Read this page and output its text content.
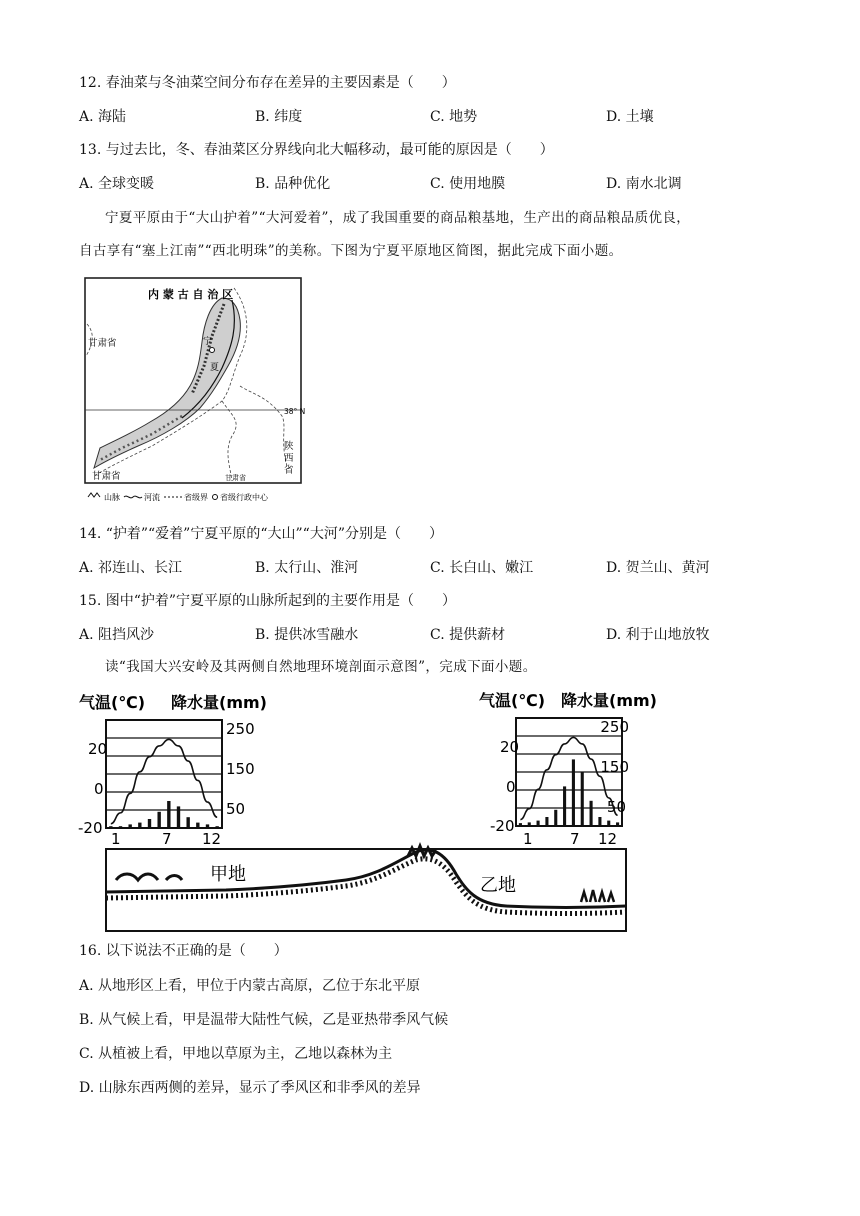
12. 春油菜与冬油菜空间分布存在差异的主要因素是（　　）
A. 海陆	B. 纬度	C. 地势	D. 土壤
13. 与过去比，冬、春油菜区分界线向北大幅移动，最可能的原因是（　　）
A. 全球变暖	B. 品种优化	C. 使用地膜	D. 南水北调
宁夏平原由于“大山护着”“大河爱着”，成了我国重要的商品粮基地，生产出的商品粮品质优良，
自古享有“塞上江南”“西北明珠”的美称。下图为宁夏平原地区简图，据此完成下面小题。
内 蒙 古 自 治 区
甘肃省
甘肃省	甘肃省
宁
夏
陕
西
省
38° N
山脉	河流	省级界 省级行政中心
14. “护着”“爱着”宁夏平原的“大山”“大河”分别是（　　）
A. 祁连山、长江	B. 太行山、淮河	C. 长白山、嫩江	D. 贺兰山、黄河
15. 图中“护着”宁夏平原的山脉所起到的主要作用是（　　）
A. 阻挡风沙	B. 提供冰雪融水	C. 提供薪材	D. 利于山地放牧
读“我国大兴安岭及其两侧自然地理环境剖面示意图”，完成下面小题。
气温(℃) 降水量(mm)	气温(℃) 降水量(mm)
20
0
-20
250
150
50
1	7 12
20
0
-20
250
150
50
1 7 12
甲地
乙地
16. 以下说法不正确的是（　　）
A. 从地形区上看，甲位于内蒙古高原，乙位于东北平原
B. 从气候上看，甲是温带大陆性气候，乙是亚热带季风气候
C. 从植被上看，甲地以草原为主，乙地以森林为主
D. 山脉东西两侧的差异，显示了季风区和非季风的差异
